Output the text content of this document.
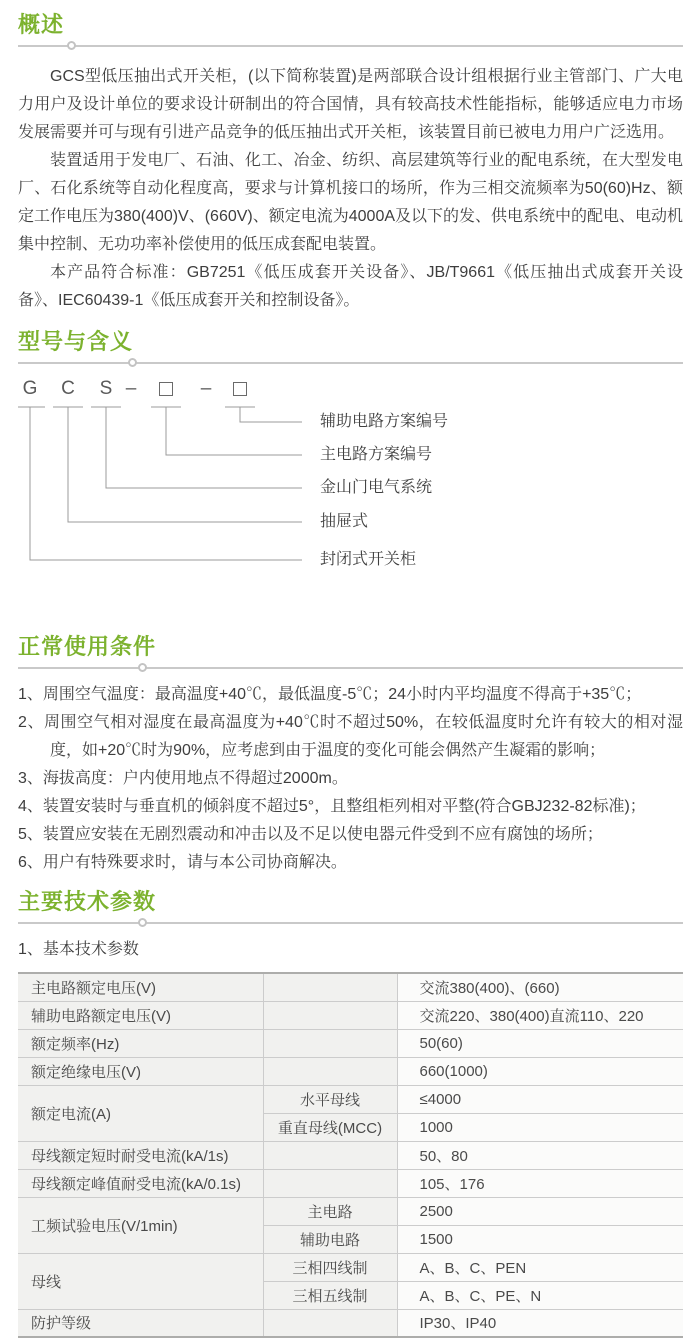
概述

GCS型低压抽出式开关柜，(以下简称装置)是两部联合设计组根据行业主管部门、广大电力用户及设计单位的要求设计研制出的符合国情，具有较高技术性能指标，能够适应电力市场发展需要并可与现有引进产品竞争的低压抽出式开关柜，该装置目前已被电力用户广泛选用。

装置适用于发电厂、石油、化工、冶金、纺织、高层建筑等行业的配电系统，在大型发电厂、石化系统等自动化程度高，要求与计算机接口的场所，作为三相交流频率为50(60)Hz、额定工作电压为380(400)V、(660V)、额定电流为4000A及以下的发、供电系统中的配电、电动机集中控制、无功功率补偿使用的低压成套配电装置。

本产品符合标准：GB7251《低压成套开关设备》、JB/T9661《低压抽出式成套开关设备》、IEC60439-1《低压成套开关和控制设备》。

型号与含义
G C S –	–
辅助电路方案编号
主电路方案编号
金山门电气系统
抽屉式
封闭式开关柜
正常使用条件
1、周围空气温度：最高温度+40℃，最低温度-5℃；24小时内平均温度不得高于+35℃；
2、周围空气相对湿度在最高温度为+40℃时不超过50%，在较低温度时允许有较大的相对湿度，如+20℃时为90%，应考虑到由于温度的变化可能会偶然产生凝霜的影响；
3、海拔高度：户内使用地点不得超过2000m。
4、装置安装时与垂直机的倾斜度不超过5°，且整组柜列相对平整(符合GBJ232-82标准)；
5、装置应安装在无剧烈震动和冲击以及不足以使电器元件受到不应有腐蚀的场所；
6、用户有特殊要求时，请与本公司协商解决。
主要技术参数
1、基本技术参数
主电路额定电压(V)		交流380(400)、(660)
辅助电路额定电压(V)		交流220、380(400)直流110、220
额定频率(Hz)		50(60)
额定绝缘电压(V)		660(1000)
额定电流(A)	水平母线	≤4000
	重直母线(MCC)	1000
母线额定短时耐受电流(kA/1s)		50、80
母线额定峰值耐受电流(kA/0.1s)		105、176
工频试验电压(V/1min)	主电路	2500
	辅助电路	1500
母线	三相四线制	A、B、C、PEN
	三相五线制	A、B、C、PE、N
防护等级		IP30、IP40
